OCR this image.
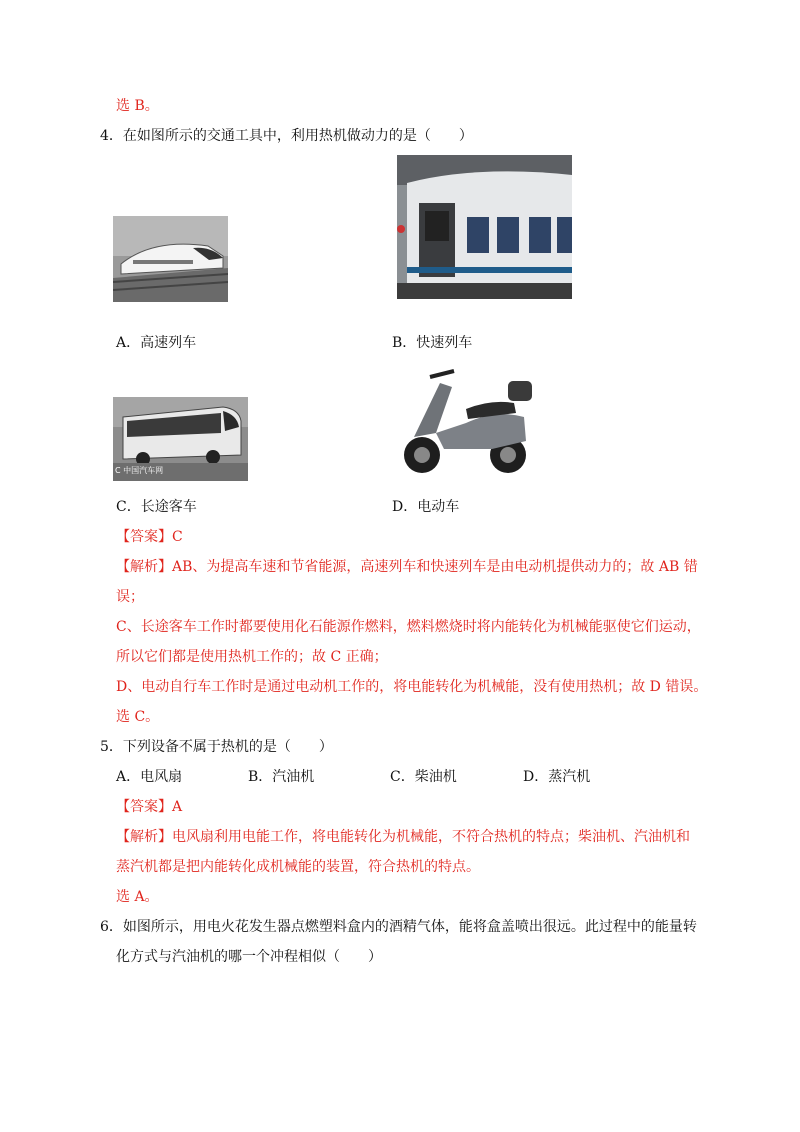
选 B。
4．在如图所示的交通工具中，利用热机做动力的是（　　）
A．高速列车	B．快速列车
C 中国汽车网
C．长途客车	D．电动车
【答案】C
【解析】AB、为提高车速和节省能源，高速列车和快速列车是由电动机提供动力的；故 AB 错
误；
C、长途客车工作时都要使用化石能源作燃料，燃料燃烧时将内能转化为机械能驱使它们运动，
所以它们都是使用热机工作的；故 C 正确；
D、电动自行车工作时是通过电动机工作的，将电能转化为机械能，没有使用热机；故 D 错误。
选 C。
5．下列设备不属于热机的是（　　）
A．电风扇	B．汽油机	C．柴油机	D．蒸汽机
【答案】A
【解析】电风扇利用电能工作，将电能转化为机械能，不符合热机的特点；柴油机、汽油机和
蒸汽机都是把内能转化成机械能的装置，符合热机的特点。
选 A。
6．如图所示，用电火花发生器点燃塑料盒内的酒精气体，能将盒盖喷出很远。此过程中的能量转
化方式与汽油机的哪一个冲程相似（　　）
